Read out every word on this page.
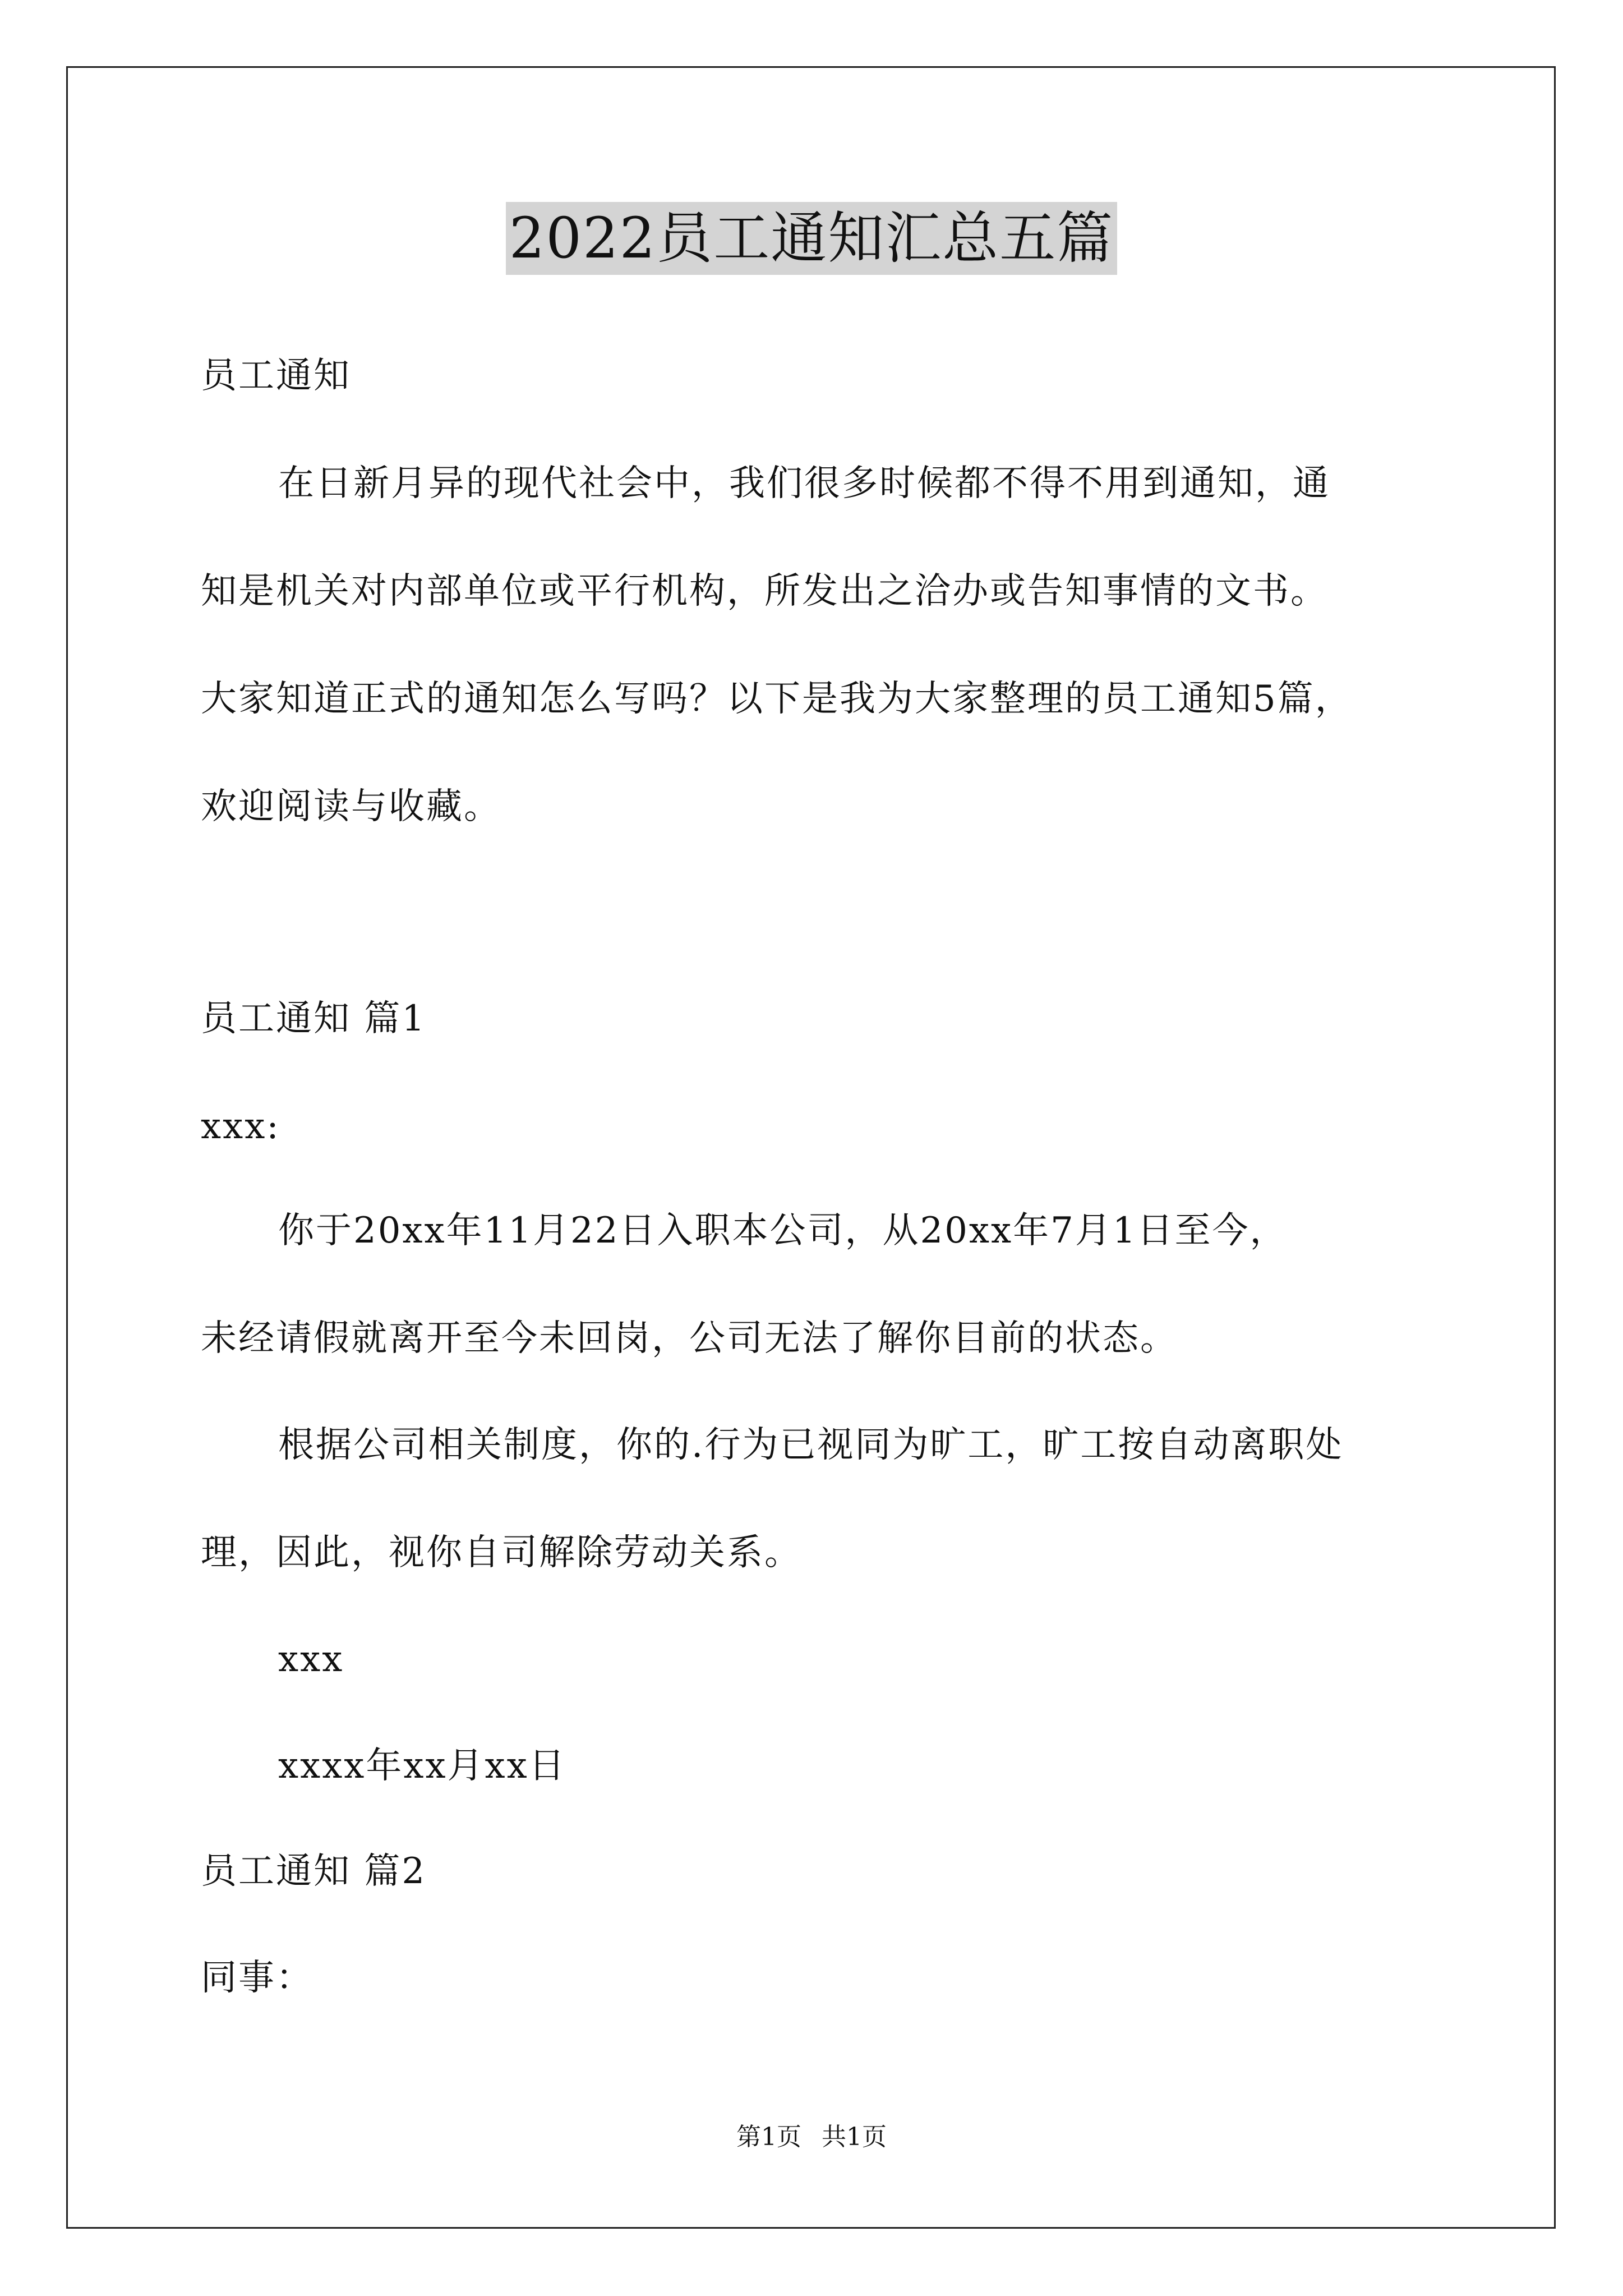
2022员工通知汇总五篇
员工通知
在日新月异的现代社会中，我们很多时候都不得不用到通知，通
知是机关对内部单位或平行机构，所发出之洽办或告知事情的文书。
大家知道正式的通知怎么写吗？以下是我为大家整理的员工通知5篇，
欢迎阅读与收藏。
员工通知 篇1
xxx:
你于20xx年11月22日入职本公司，从20xx年7月1日至今，
未经请假就离开至今未回岗，公司无法了解你目前的状态。
根据公司相关制度，你的.行为已视同为旷工，旷工按自动离职处
理，因此，视你自司解除劳动关系。
xxx
xxxx年xx月xx日
员工通知 篇2
同事：
第1页 共1页
